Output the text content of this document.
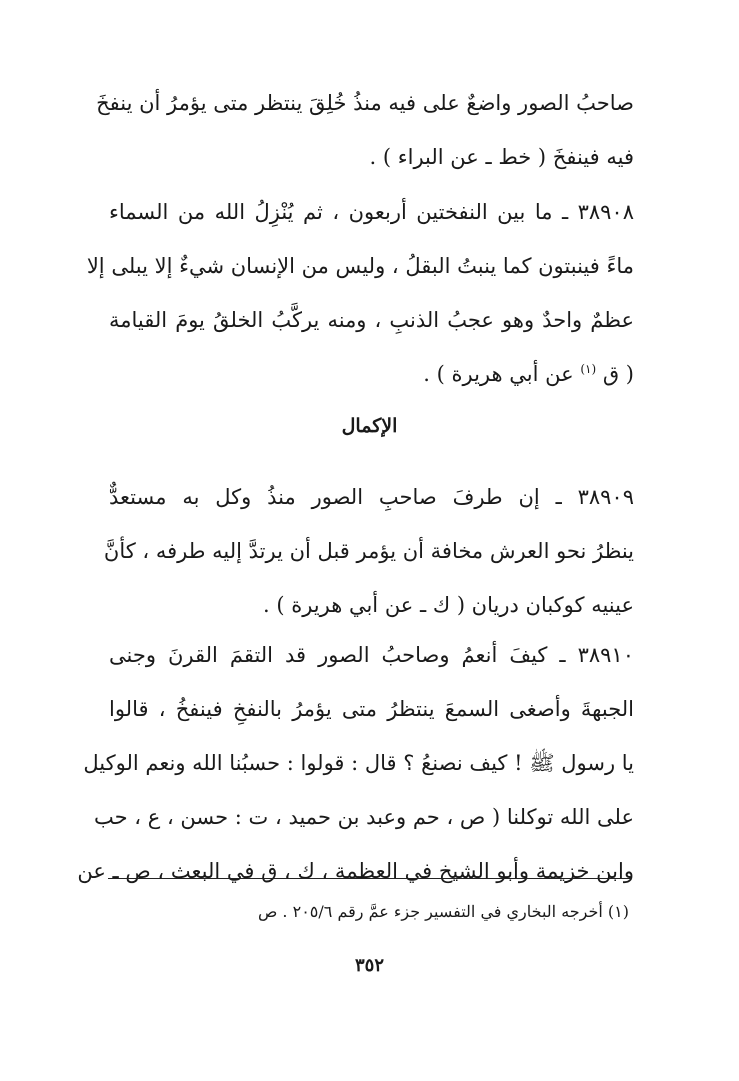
صاحبُ الصور واضعٌ على فيه منذُ خُلِقَ ينتظر متى يؤمرُ أن ينفخَ
فيه فينفخَ ( خط ـ عن البراء ) .

٣٨٩٠٨ ـ ما بين النفختين أربعون ، ثم يُنْزِلُ الله من السماء
ماءً فينبتون كما ينبتُ البقلُ ، وليس من الإنسان شيءٌ إلا يبلى إلا
عظمٌ واحدٌ وهو عجبُ الذنبِ ، ومنه يركَّبُ الخلقُ يومَ القيامة
( ق $^{(١)}$ عن أبي هريرة ) .

الإكمال

٣٨٩٠٩ ـ إن طرفَ صاحبِ الصور منذُ وكل به مستعدٌّ
ينظرُ نحو العرش مخافة أن يؤمر قبل أن يرتدَّ إليه طرفه ، كأنَّ
عينيه كوكبان دريان ( ك ـ عن أبي هريرة ) .

٣٨٩١٠ ـ كيفَ أنعمُ وصاحبُ الصور قد التقمَ القرنَ وجنى
الجبهةَ وأصغى السمعَ ينتظرُ متى يؤمرُ بالنفخِ فينفخُ ، قالوا
يا رسول ﷺ ! كيف نصنعُ ؟ قال : قولوا : حسبُنا الله ونعم الوكيل
على الله توكلنا ( ص ، حم وعبد بن حميد ، ت : حسن ، ع ، حب
وابن خزيمة وأبو الشيخ في العظمة ، ك ، ق في البعث ، ص ـ عن

(١) أخرجه البخاري في التفسير جزء عمَّ رقم ٢٠٥/٦ . ص
٣٥٢
